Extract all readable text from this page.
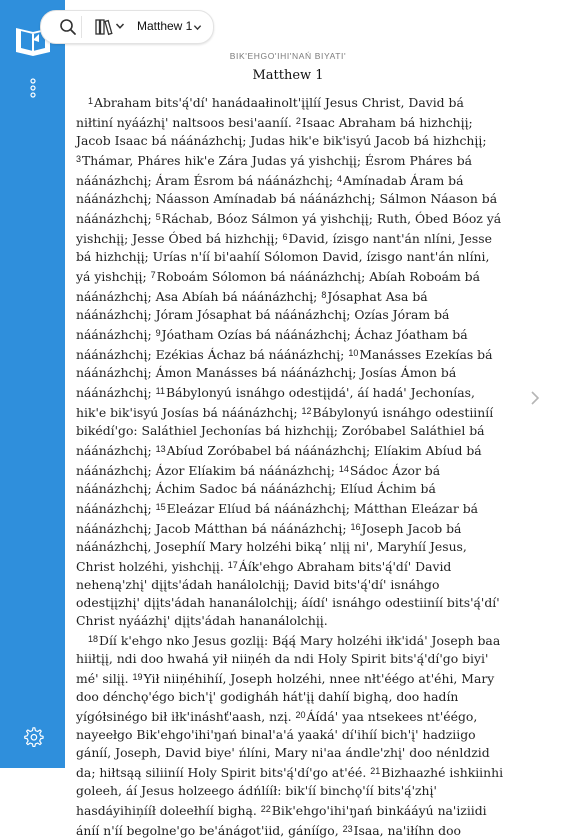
Matthew 1
BIK'EHGO'IHI'NAŃ BIYATI'
Matthew 1

$^1$Abraham bits'ą́'dí' hanádaałinolt'įįlíí Jesus Christ, David bá niłtiní nyáázhį' naltsoos besi'aaníí. $^2$Isaac Abraham bá hizhchįį; Jacob Isaac bá náánázhchį; Judas hik'e bik'isyú Jacob bá hizhchįį; $^3$Thámar, Pháres hik'e Zára Judas yá yishchįį; Ésrom Pháres bá náánázhchį; Áram Ésrom bá náánázhchį; $^4$Amínadab Áram bá náánázhchį; Náasson Amínadab bá náánázhchį; Sálmon Náason bá náánázhchį; $^5$Ráchab, Bóoz Sálmon yá yishchįį; Ruth, Óbed Bóoz yá yishchįį; Jesse Óbed bá hizhchįį; $^6$David, ízisgo nant'án nlíni, Jesse bá hizhchįį; Urías n'íí bi'aahíí Sólomon David, ízisgo nant'án nlíni, yá yishchįį; $^7$Roboám Sólomon bá náánázhchį; Abíah Roboám bá náánázhchį; Asa Abíah bá náánázhchį; $^8$Jósaphat Asa bá náánázhchį; Jóram Jósaphat bá náánázhchį; Ozías Jóram bá náánázhchį; $^9$Jóatham Ozías bá náánázhchį; Áchaz Jóatham bá náánázhchį; Ezékias Áchaz bá náánázhchį; $^{10}$Manásses Ezekías bá náánázhchį; Ámon Manásses bá náánázhchį; Josías Ámon bá náánázhchį; $^{11}$Bábylonyú isnáhgo odestįįdá', áí hadá' Jechonías, hik'e bik'isyú Josías bá náánázhchį; $^{12}$Bábylonyú isnáhgo odestiiníí bikédí'go: Saláthiel Jechonías bá hizhchįį; Zoróbabel Saláthiel bá náánázhchį; $^{13}$Abíud Zoróbabel bá náánázhchį; Elíakim Abíud bá náánázhchį; Ázor Elíakim bá náánázhchį; $^{14}$Sádoc Ázor bá náánázhchį; Áchim Sadoc bá náánázhchį; Elíud Áchim bá náánázhchį; $^{15}$Eleázar Elíud bá náánázhchį; Mátthan Eleázar bá náánázhchį; Jacob Mátthan bá náánázhchį; $^{16}$Joseph Jacob bá náánázhchį, Josephíí Mary holzéhi bikąʼ nlįį ni', Maryhíí Jesus, Christ holzéhi, yishchįį. $^{17}$Áík'ehgo Abraham bits'ą́'dí' David neheną'zhį' dįįts'ádah hanálolchįį; David bits'ą́'dí' isnáhgo odestįįzhį' dįįts'ádah hananálolchįį; áídí' isnáhgo odestiiníí bits'ą́'dí' Christ nyáázhį' dįįts'ádah hananálolchįį.

$^{18}$Díí k'ehgo nko Jesus gozlįį: Bą́ą́ Mary holzéhi iłk'idá' Joseph baa hiiłtįį, ndi doo hwahá yił niiņéh da ndi Holy Spirit bits'ą́'dí'go biyi' mé' silįį. $^{19}$Yił niiņéhihíí, Joseph holzéhi, nnee nłt'éégo at'éhi, Mary doo dénchǫ'égo bich'į' godigháh hát'įį dahíí bighą, doo hadín yígółsinégo bił iłk'ináshť'aash, nzį. $^{20}$Áídá' yaa ntsekees nt'éégo, nayeełgo Bik'ehgo'ihi'ŋań binal'a'á yaaká' dí'ihíí bich'į' hadziigo gáníí, Joseph, David biye' ńlíni, Mary ni'aa ándle'zhį' doo nénldzid da; hiłtsąą siliiníí Holy Spirit bits'ą́'dí'go at'éé. $^{21}$Bizhaazhé ishkiinhi goleeh, áí Jesus holzeego ádńlííł: bik'íí binchǫ'íí bits'ą́'zhį' hasdáyihiņííł doleełhíí bighą. $^{22}$Bik'ehgo'ihi'ŋań binkááyú na'iziidi áníí n'íí begolne'go be'ánágot'iid, gáníígo, $^{23}$Isaa, na'iłíhn doo
